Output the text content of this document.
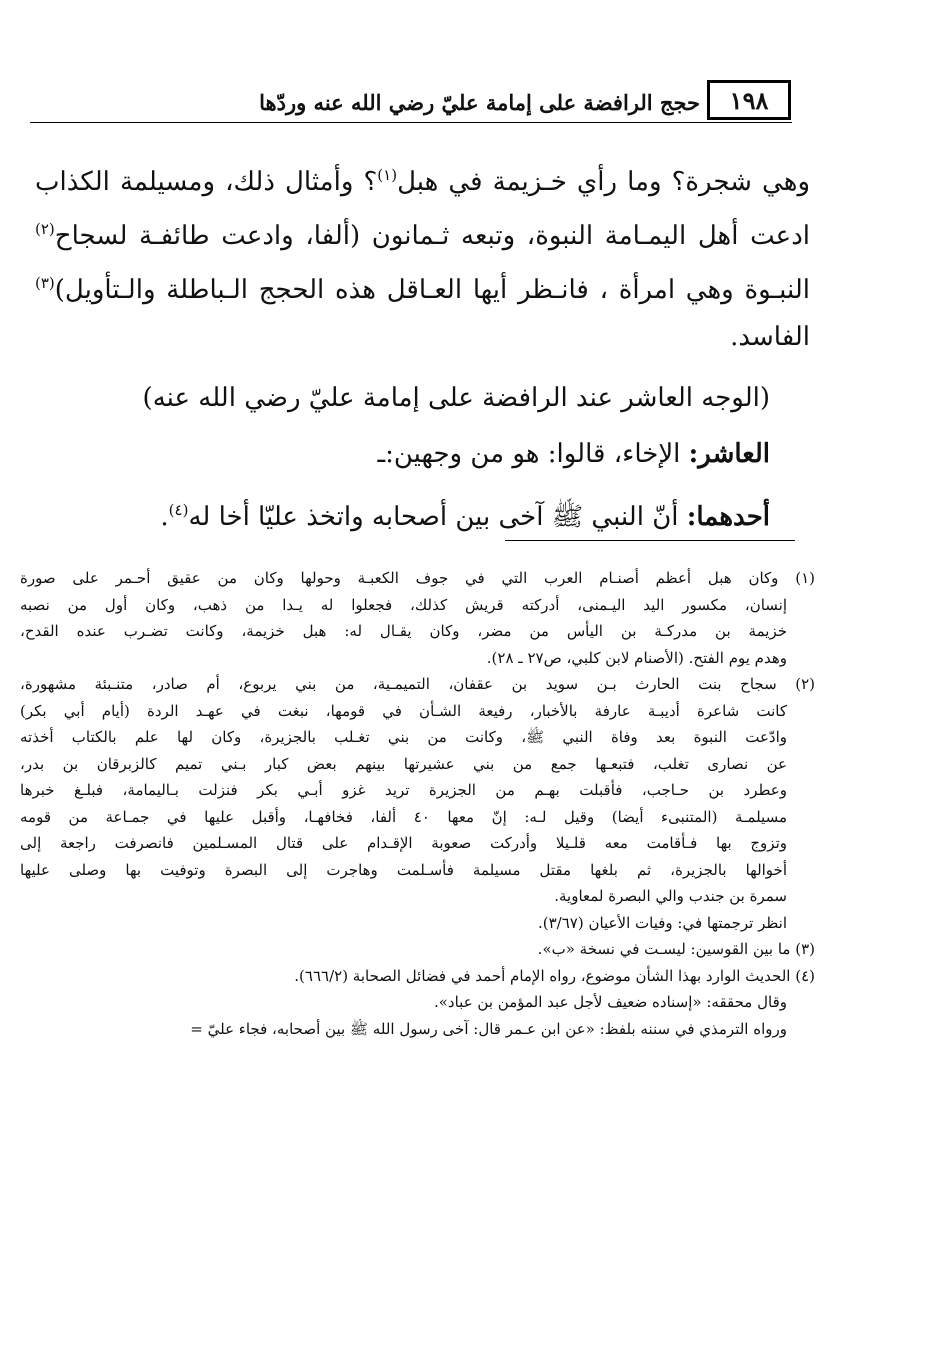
حجج الرافضة على إمامة عليّ رضي الله عنه وردّها	١٩٨
وهي شجرة؟ وما رأي خـزيمة في هبل$^{(١)}$؟ وأمثال ذلك، ومسيلمة الكذاب
ادعت أهل اليمـامة النبوة، وتبعه ثـمانون (ألفا، وادعت طائفـة لسجاح$^{(٢)}$
النبـوة وهي امرأة ، فانـظر أيها العـاقل هذه الحجج الـباطلة والـتأويل)$^{(٣)}$
الفاسد.
(الوجه العاشر عند الرافضة على إمامة عليّ رضي الله عنه)
العاشر: الإخاء، قالوا: هو من وجهين:ـ
أحدهما: أنّ النبي ﷺ آخى بين أصحابه واتخذ عليّا أخا له$^{(٤)}$.
(١) وكان هبل أعظم أصنـام العرب التي في جوف الكعبـة وحولها وكان من عقيق أحـمر على صورة
إنسان، مكسور اليد اليـمنى، أدركته قريش كذلك، فجعلوا له يـدا من ذهب، وكان أول من نصبه
خزيمة بن مدركـة بن اليأس من مضر، وكان يقـال له: هبل خزيمة، وكانت تضـرب عنده القدح،
وهدم يوم الفتح. (الأصنام لابن كلبي، ص٢٧ ـ ٢٨).
(٢) سجاح بنت الحارث بـن سويد بن عقفان، التميمـية، من بني يربوع، أم صادر، متنـبئة مشهورة،
كانت شاعرة أديبـة عارفة بالأخبار، رفيعة الشـأن في قومها، نبغت في عهـد الردة (أيام أبي بكر)
وادّعت النبوة بعد وفاة النبي ﷺ، وكانت من بني تغـلب بالجزيرة، وكان لها علم بالكتاب أخذته
عن نصارى تغلب، فتبعـها جمع من بني عشيرتها بينهم بعض كبار بـني تميم كالزبرقان بن بدر،
وعطرد بن حـاجب، فأقبلت بهـم من الجزيرة تريد غزو أبـي بكر فنزلت بـاليمامة، فبلـغ خبرها
مسيلمـة (المتنبىء أيضا) وقيل لـه: إنّ معها ٤٠ ألفا، فخافهـا، وأقبل عليها في جمـاعة من قومه
وتزوج بها فـأقامت معه قلـيلا وأدركت صعوبة الإقـدام على قتال المسـلمين فانصرفت راجعة إلى
أخوالها بالجزيرة، ثم بلغها مقتل مسيلمة فأسـلمت وهاجرت إلى البصرة وتوفيت بها وصلى عليها
سمرة بن جندب والي البصرة لمعاوية.
انظر ترجمتها في: وفيات الأعيان (٣/٦٧).
(٣) ما بين القوسين: ليسـت في نسخة «ب».
(٤) الحديث الوارد بهذا الشأن موضوع، رواه الإمام أحمد في فضائل الصحابة (٦٦٦/٢).
وقال محققه: «إسناده ضعيف لأجل عبد المؤمن بن عباد».
ورواه الترمذي في سننه بلفظ: «عن ابن عـمر قال: آخى رسول الله ﷺ بين أصحابه، فجاء عليّ =
